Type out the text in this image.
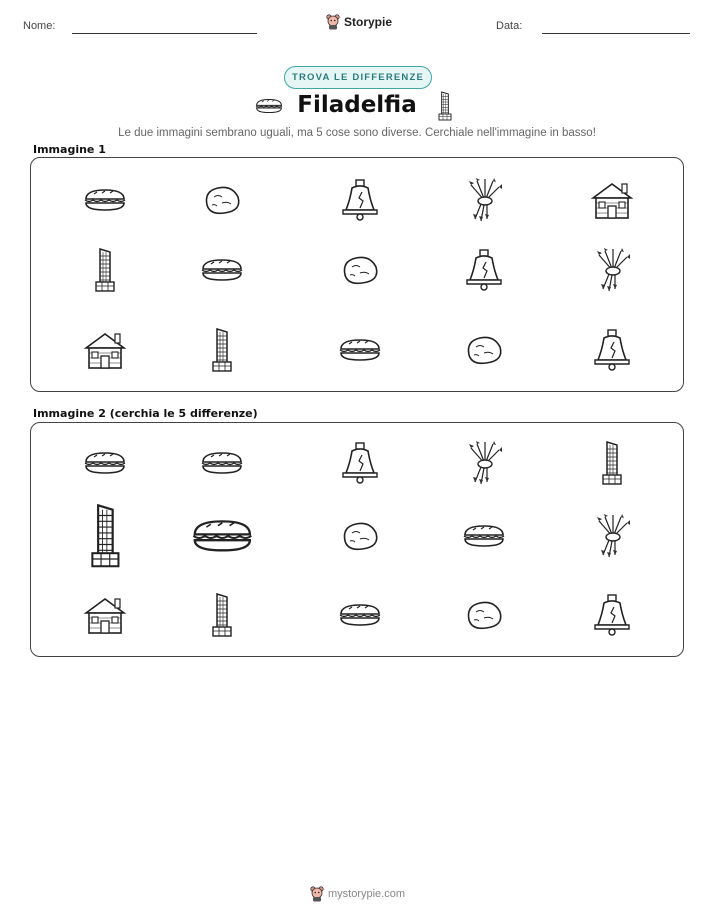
Nome:	Storypie	Data:
TROVA LE DIFFERENZE
Filadelfia
Le due immagini sembrano uguali, ma 5 cose sono diverse. Cerchiale nell'immagine in basso!
Immagine 1
Immagine 2 (cerchia le 5 differenze)
mystorypie.com
